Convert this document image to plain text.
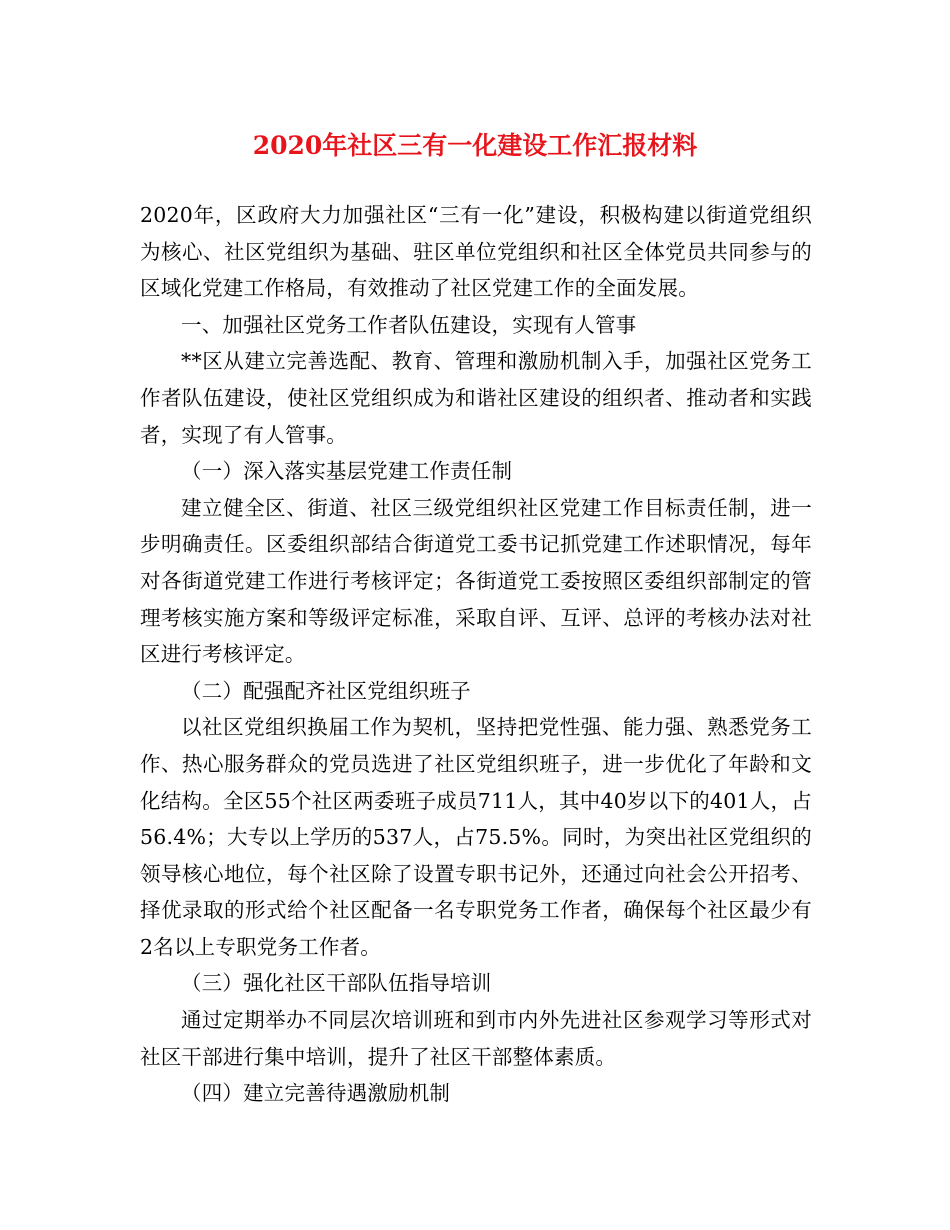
2020年社区三有一化建设工作汇报材料

2020年，区政府大力加强社区“三有一化”建设，积极构建以街道党组织为核心、社区党组织为基础、驻区单位党组织和社区全体党员共同参与的区域化党建工作格局，有效推动了社区党建工作的全面发展。

一、加强社区党务工作者队伍建设，实现有人管事

**区从建立完善选配、教育、管理和激励机制入手，加强社区党务工作者队伍建设，使社区党组织成为和谐社区建设的组织者、推动者和实践者，实现了有人管事。

（一）深入落实基层党建工作责任制

建立健全区、街道、社区三级党组织社区党建工作目标责任制，进一步明确责任。区委组织部结合街道党工委书记抓党建工作述职情况，每年对各街道党建工作进行考核评定；各街道党工委按照区委组织部制定的管理考核实施方案和等级评定标准，采取自评、互评、总评的考核办法对社区进行考核评定。

（二）配强配齐社区党组织班子

以社区党组织换届工作为契机，坚持把党性强、能力强、熟悉党务工作、热心服务群众的党员选进了社区党组织班子，进一步优化了年龄和文化结构。全区55个社区两委班子成员711人，其中40岁以下的401人，占56.4%；大专以上学历的537人，占75.5%。同时，为突出社区党组织的领导核心地位，每个社区除了设置专职书记外，还通过向社会公开招考、择优录取的形式给个社区配备一名专职党务工作者，确保每个社区最少有2名以上专职党务工作者。

（三）强化社区干部队伍指导培训

通过定期举办不同层次培训班和到市内外先进社区参观学习等形式对社区干部进行集中培训，提升了社区干部整体素质。

（四）建立完善待遇激励机制
